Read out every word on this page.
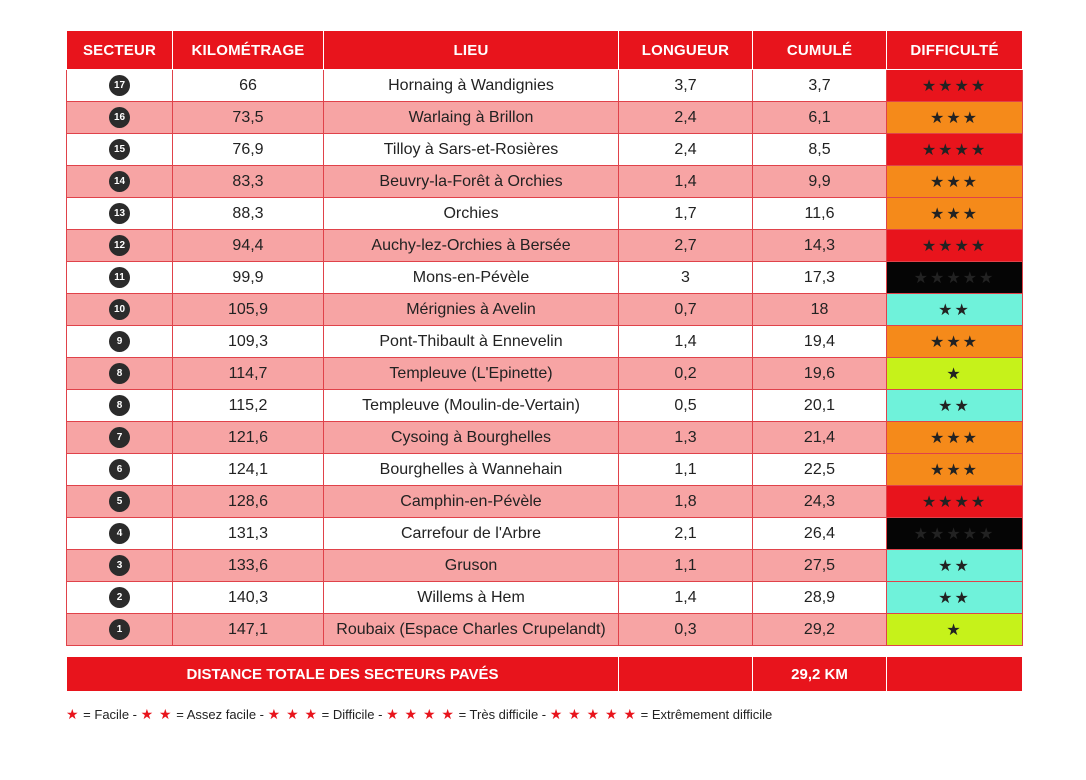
SECTEUR	KILOMÉTRAGE	LIEU	LONGUEUR	CUMULÉ	DIFFICULTÉ
17	66	Hornaing à Wandignies	3,7	3,7	★★★★
16	73,5	Warlaing à Brillon	2,4	6,1	★★★
15	76,9	Tilloy à Sars-et-Rosières	2,4	8,5	★★★★
14	83,3	Beuvry-la-Forêt à Orchies	1,4	9,9	★★★
13	88,3	Orchies	1,7	11,6	★★★
12	94,4	Auchy-lez-Orchies à Bersée	2,7	14,3	★★★★
11	99,9	Mons-en-Pévèle	3	17,3	★★★★★
10	105,9	Mérignies à Avelin	0,7	18	★★
9	109,3	Pont-Thibault à Ennevelin	1,4	19,4	★★★
8	114,7	Templeuve (L'Epinette)	0,2	19,6	★
8	115,2	Templeuve (Moulin-de-Vertain)	0,5	20,1	★★
7	121,6	Cysoing à Bourghelles	1,3	21,4	★★★
6	124,1	Bourghelles à Wannehain	1,1	22,5	★★★
5	128,6	Camphin-en-Pévèle	1,8	24,3	★★★★
4	131,3	Carrefour de l'Arbre	2,1	26,4	★★★★★
3	133,6	Gruson	1,1	27,5	★★
2	140,3	Willems à Hem	1,4	28,9	★★
1	147,1	Roubaix (Espace Charles Crupelandt)	0,3	29,2	★
DISTANCE TOTALE DES SECTEURS PAVÉS		29,2 KM	
★ = Facile - ★ ★ = Assez facile - ★ ★ ★ = Difficile - ★ ★ ★ ★ = Très difficile - ★ ★ ★ ★ ★ = Extrêmement difficile
